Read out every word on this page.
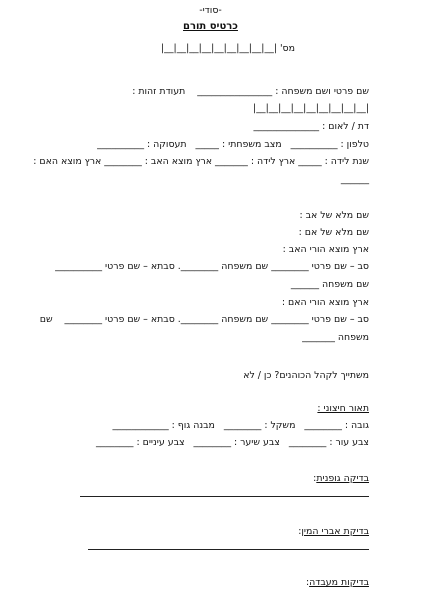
-סודי-
כרטיס תורם
מס' |__|__|__|__|__|__|__|__|__|
שם פרטי ושם משפחה : ________________    תעודת זהות :
|__|__|__|__|__|__|__|__|__|
דת / לאום : ______________
טלפון : __________   מצב משפחתי : _____   תעסוקה : __________
שנת לידה : _____ ארץ לידה : _______ ארץ מוצא האב : ________ ארץ מוצא האם :
______
שם מלא של אב :
שם מלא של אם :
ארץ מוצא הורי האב :
סב – שם פרטי ________ שם משפחה ________. סבתא – שם פרטי __________
שם משפחה ______
ארץ מוצא הורי האם :
סב – שם פרטי ________ שם משפחה ________. סבתא – שם פרטי ________    שם
משפחה _______
משתייך לקהל הכוהנים? כן / לא
תאור חיצוני :
גובה : ________   משקל : ________   מבנה גוף : ____________
צבע עור : ________   צבע שיער : ________   צבע עיניים : ________
בדיקה גופנית:
בדיקת אברי המין:
בדיקות מעבדה:
